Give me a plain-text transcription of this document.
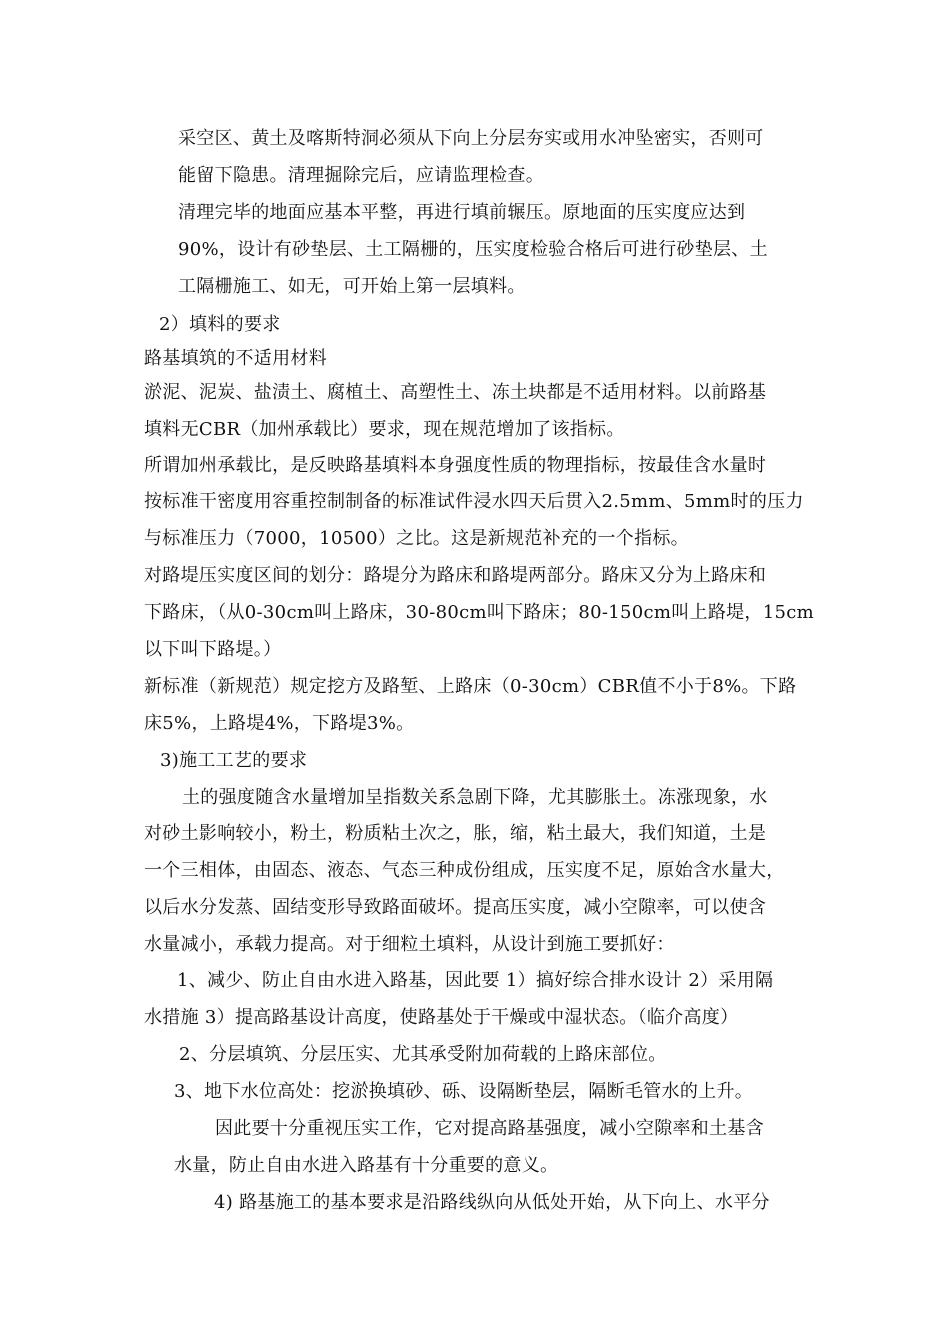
采空区、黄土及喀斯特洞必须从下向上分层夯实或用水冲坠密实，否则可
能留下隐患。清理掘除完后，应请监理检查。
清理完毕的地面应基本平整，再进行填前辗压。原地面的压实度应达到
90%，设计有砂垫层、土工隔栅的，压实度检验合格后可进行砂垫层、土
工隔栅施工、如无，可开始上第一层填料。
2）填料的要求
路基填筑的不适用材料
淤泥、泥炭、盐渍土、腐植土、高塑性土、冻土块都是不适用材料。以前路基
填料无CBR（加州承载比）要求，现在规范增加了该指标。
所谓加州承载比，是反映路基填料本身强度性质的物理指标，按最佳含水量时
按标准干密度用容重控制制备的标准试件浸水四天后贯入2.5mm、5mm时的压力
与标准压力（7000，10500）之比。这是新规范补充的一个指标。
对路堤压实度区间的划分：路堤分为路床和路堤两部分。路床又分为上路床和
下路床，（从0-30cm叫上路床，30-80cm叫下路床；80-150cm叫上路堤，15cm
以下叫下路堤。）
新标准（新规范）规定挖方及路堑、上路床（0-30cm）CBR值不小于8%。下路
床5%，上路堤4%，下路堤3%。
3)施工工艺的要求
土的强度随含水量增加呈指数关系急剧下降，尤其膨胀土。冻涨现象，水
对砂土影响较小，粉土，粉质粘土次之，胀，缩，粘土最大，我们知道，土是
一个三相体，由固态、液态、气态三种成份组成，压实度不足，原始含水量大，
以后水分发蒸、固结变形导致路面破坏。提高压实度，减小空隙率，可以使含
水量减小，承载力提高。对于细粒土填料，从设计到施工要抓好：
1、减少、防止自由水进入路基，因此要 1）搞好综合排水设计 2）采用隔
水措施 3）提高路基设计高度，使路基处于干燥或中湿状态。（临介高度）
2、分层填筑、分层压实、尤其承受附加荷载的上路床部位。
3、地下水位高处：挖淤换填砂、砾、设隔断垫层，隔断毛管水的上升。
因此要十分重视压实工作，它对提高路基强度，减小空隙率和土基含
水量，防止自由水进入路基有十分重要的意义。
4) 路基施工的基本要求是沿路线纵向从低处开始，从下向上、水平分
